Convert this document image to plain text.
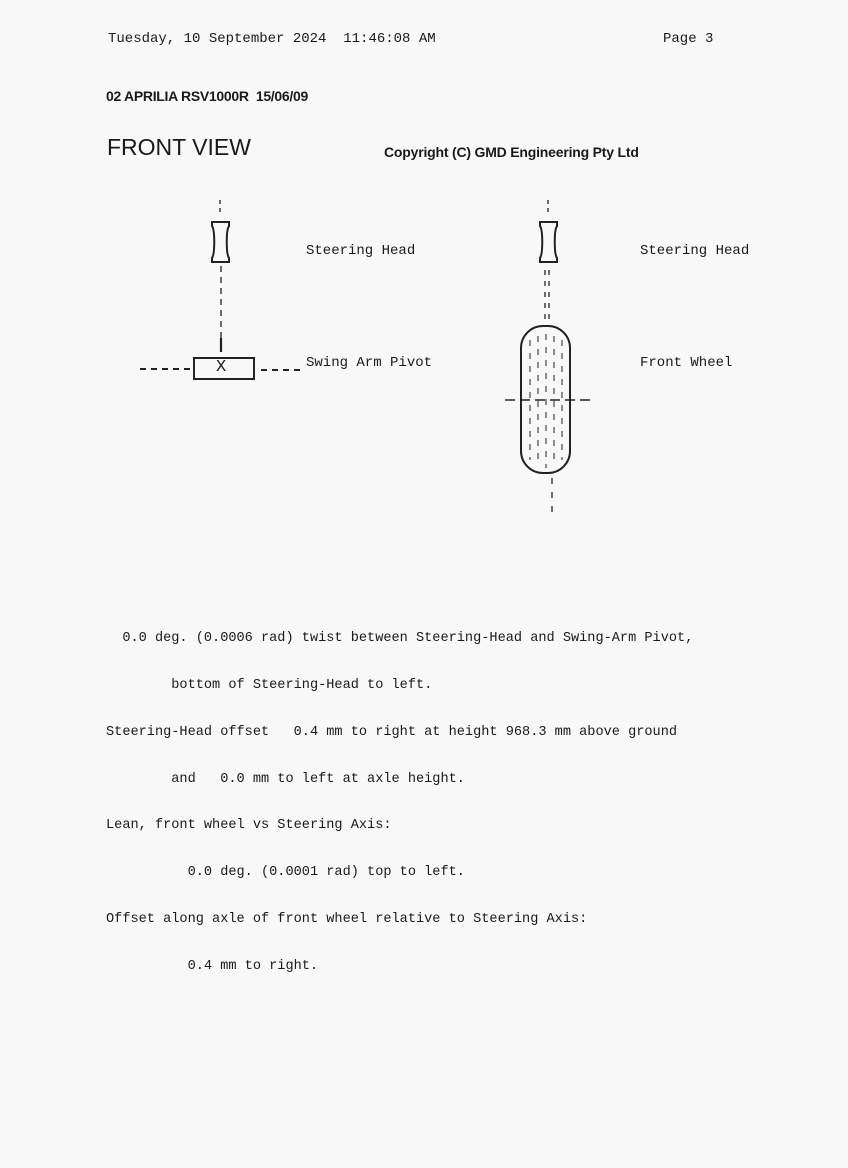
Tuesday, 10 September 2024  11:46:08 AM	Page 3
02 APRILIA RSV1000R  15/06/09
FRONT VIEW	Copyright (C) GMD Engineering Pty Ltd
Steering Head
Swing Arm Pivot
X
Steering Head
Front Wheel

0.0 deg. (0.0006 rad) twist between Steering-Head and Swing-Arm Pivot,

bottom of Steering-Head to left.

Steering-Head offset   0.4 mm to right at height 968.3 mm above ground

and   0.0 mm to left at axle height.

Lean, front wheel vs Steering Axis:

0.0 deg. (0.0001 rad) top to left.

Offset along axle of front wheel relative to Steering Axis:

0.4 mm to right.
